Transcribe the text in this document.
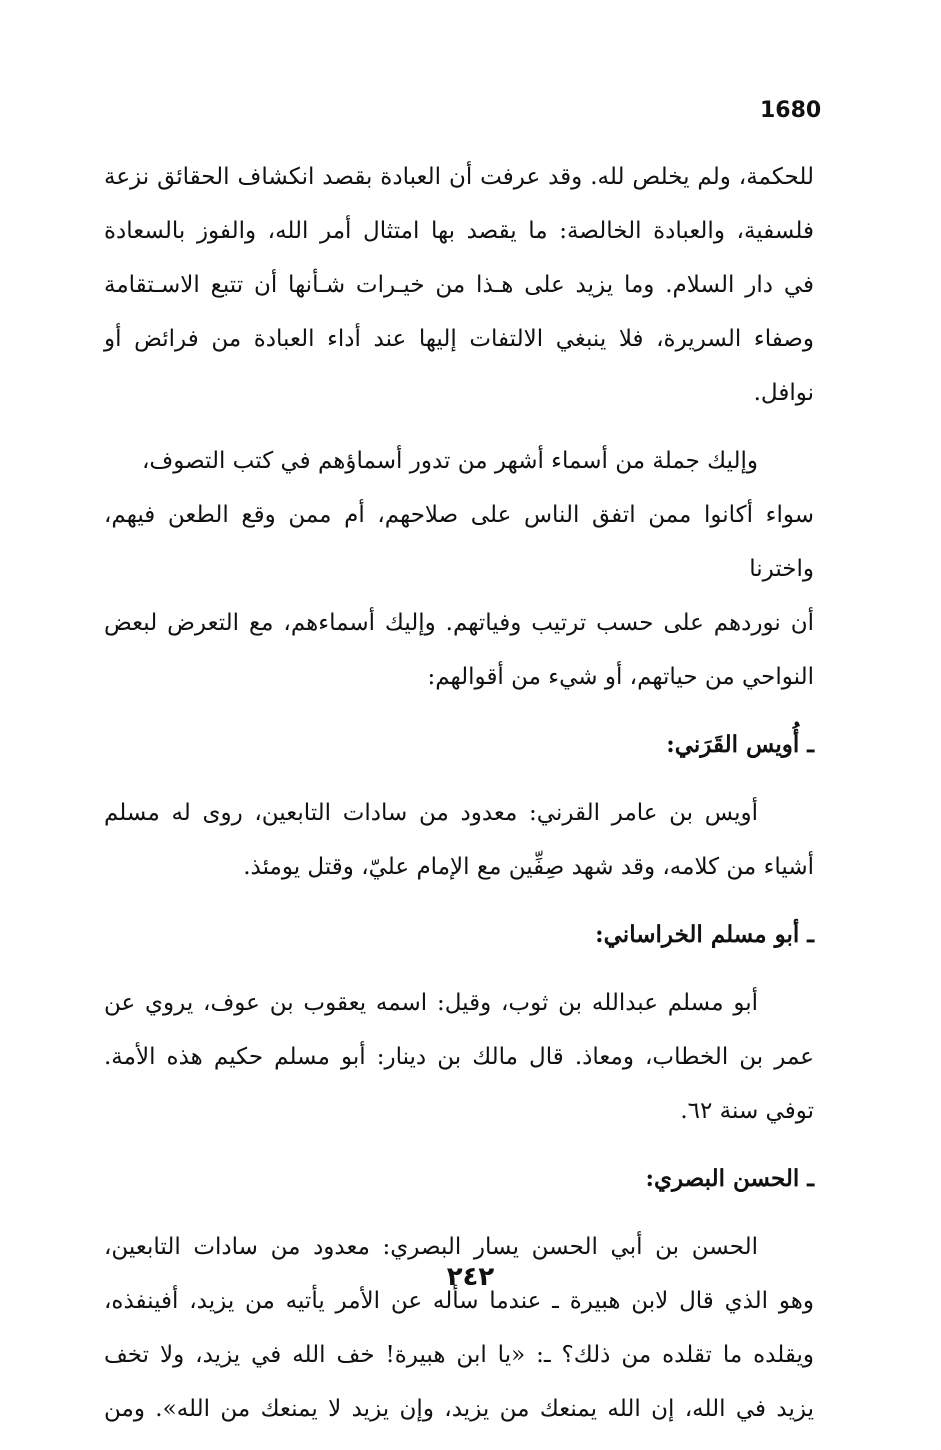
1680

للحكمة، ولم يخلص لله. وقد عرفت أن العبادة بقصد انكشاف الحقائق نزعة
فلسفية، والعبادة الخالصة: ما يقصد بها امتثال أمر الله، والفوز بالسعادة
في دار السلام. وما يزيد على هـذا من خيـرات شـأنها أن تتبع الاسـتقامة
وصفاء السريرة، فلا ينبغي الالتفات إليها عند أداء العبادة من فرائض أو
نوافل.

وإليك جملة من أسماء أشهر من تدور أسماؤهم في كتب التصوف،
سواء أكانوا ممن اتفق الناس على صلاحهم، أم ممن وقع الطعن فيهم، واخترنا
أن نوردهم على حسب ترتيب وفياتهم. وإليك أسماءهم، مع التعرض لبعض
النواحي من حياتهم، أو شيء من أقوالهم:

ـ أُويس القَرَني:

أويس بن عامر القرني: معدود من سادات التابعين، روى له مسلم
أشياء من كلامه، وقد شهد صِفِّين مع الإمام عليّ، وقتل يومئذ.

ـ أبو مسلم الخراساني:

أبو مسلم عبدالله بن ثوب، وقيل: اسمه يعقوب بن عوف، يروي عن
عمر بن الخطاب، ومعاذ. قال مالك بن دينار: أبو مسلم حكيم هذه الأمة.
توفي سنة ٦٢.

ـ الحسن البصري:

الحسن بن أبي الحسن يسار البصري: معدود من سادات التابعين،
وهو الذي قال لابن هبيرة ـ عندما سأله عن الأمر يأتيه من يزيد، أفينفذه،
ويقلده ما تقلده من ذلك؟ ـ: «يا ابن هبيرة! خف الله في يزيد، ولا تخف
يزيد في الله، إن الله يمنعك من يزيد، وإن يزيد لا يمنعك من الله». ومن

٢٤٢
